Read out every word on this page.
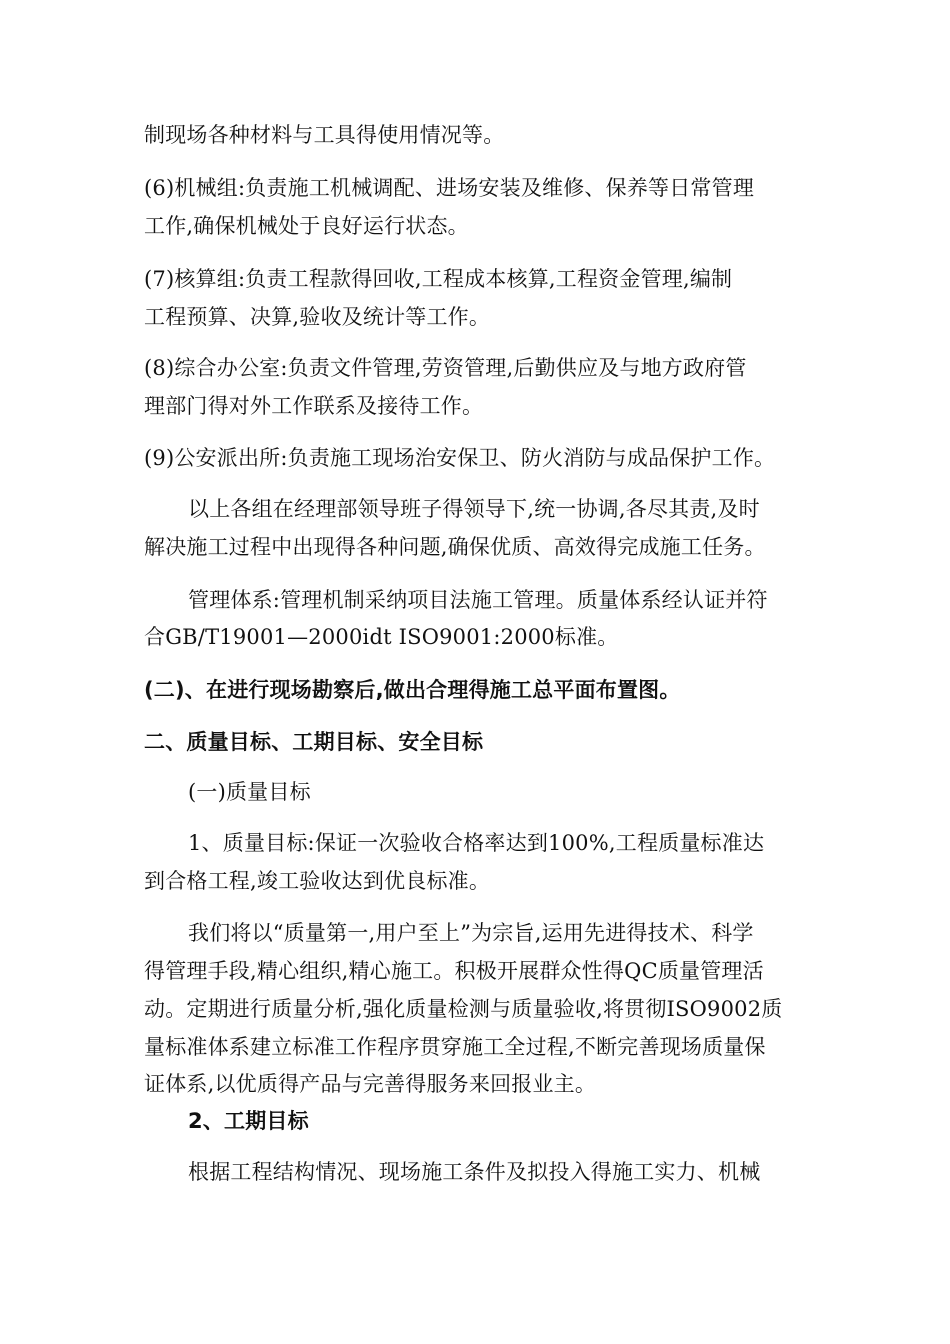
制现场各种材料与工具得使用情况等。
(6)机械组:负责施工机械调配、进场安装及维修、保养等日常管理
工作,确保机械处于良好运行状态。
(7)核算组:负责工程款得回收,工程成本核算,工程资金管理,编制
工程预算、决算,验收及统计等工作。
(8)综合办公室:负责文件管理,劳资管理,后勤供应及与地方政府管
理部门得对外工作联系及接待工作。
(9)公安派出所:负责施工现场治安保卫、防火消防与成品保护工作。
以上各组在经理部领导班子得领导下,统一协调,各尽其责,及时
解决施工过程中出现得各种问题,确保优质、高效得完成施工任务。
管理体系:管理机制采纳项目法施工管理。质量体系经认证并符
合GB/T19001—2000idt ISO9001:2000标准。
(二)、在进行现场勘察后,做出合理得施工总平面布置图。
二、质量目标、工期目标、安全目标
(一)质量目标
1、质量目标:保证一次验收合格率达到100%,工程质量标准达
到合格工程,竣工验收达到优良标准。
我们将以“质量第一,用户至上”为宗旨,运用先进得技术、科学
得管理手段,精心组织,精心施工。积极开展群众性得QC质量管理活
动。定期进行质量分析,强化质量检测与质量验收,将贯彻ISO9002质
量标准体系建立标准工作程序贯穿施工全过程,不断完善现场质量保
证体系,以优质得产品与完善得服务来回报业主。
2、工期目标
根据工程结构情况、现场施工条件及拟投入得施工实力、机械
